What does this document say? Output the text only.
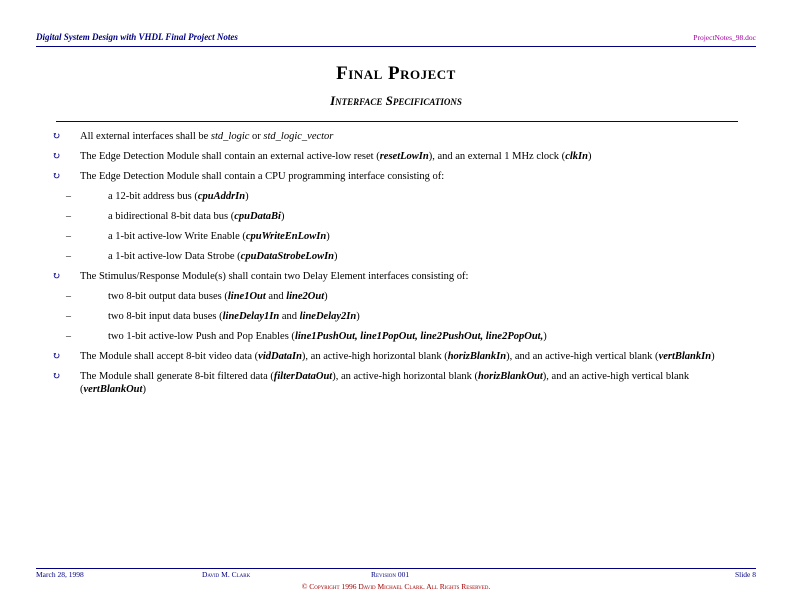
Digital System Design with VHDL Final Project Notes	ProjectNotes_98.doc
Final Project
Interface Specifications
↻	All external interfaces shall be std_logic or std_logic_vector
↻	The Edge Detection Module shall contain an external active-low reset (resetLowIn), and an external 1 MHz clock (clkIn)
↻	The Edge Detection Module shall contain a CPU programming interface consisting of:
–	a 12-bit address bus (cpuAddrIn)
–	a bidirectional 8-bit data bus (cpuDataBi)
–	a 1-bit active-low Write Enable (cpuWriteEnLowIn)
–	a 1-bit active-low Data Strobe (cpuDataStrobeLowIn)
↻	The Stimulus/Response Module(s) shall contain two Delay Element interfaces consisting of:
–	two 8-bit output data buses (line1Out and line2Out)
–	two 8-bit input data buses (lineDelay1In and lineDelay2In)
–	two 1-bit active-low Push and Pop Enables (line1PushOut, line1PopOut, line2PushOut, line2PopOut,)
↻	The Module shall accept 8-bit video data (vidDataIn), an active-high horizontal blank (horizBlankIn), and an active-high vertical blank (vertBlankIn)
↻	The Module shall generate 8-bit filtered data (filterDataOut), an active-high horizontal blank (horizBlankOut), and an active-high vertical blank (vertBlankOut)
March 28, 1998	David M. Clark	Revision 001	Slide 8
© Copyright 1996 David Michael Clark. All Rights Reserved.
